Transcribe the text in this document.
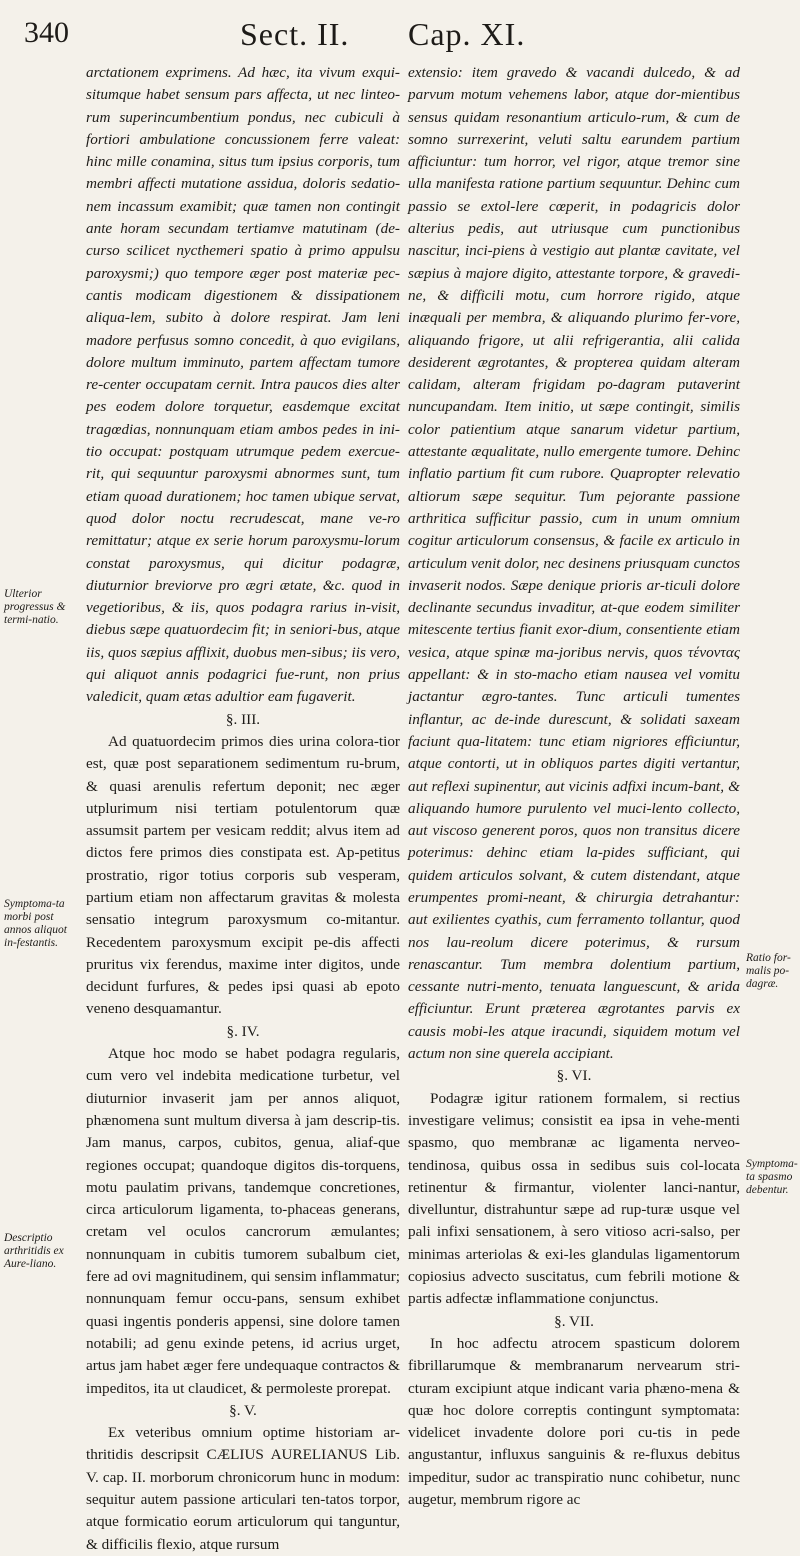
340	Sect. II. Cap. XI.

arctationem exprimens. Ad hæc, ita vivum exqui-situmque habet sensum pars affecta, ut nec linteo-rum superincumbentium pondus, nec cubiculi à fortiori ambulatione concussionem ferre valeat: hinc mille conamina, situs tum ipsius corporis, tum membri affecti mutatione assidua, doloris sedatio-nem incassum examibit; quæ tamen non contingit ante horam secundam tertiamve matutinam (de-curso scilicet nycthemeri spatio à primo appulsu paroxysmi;) quo tempore æger post materiæ pec-cantis modicam digestionem & dissipationem aliqua-lem, subito à dolore respirat. Jam leni madore perfusus somno concedit, à quo evigilans, dolore multum imminuto, partem affectam tumore re-center occupatam cernit. Intra paucos dies alter pes eodem dolore torquetur, easdemque excitat tragœdias, nonnunquam etiam ambos pedes in ini-tio occupat: postquam utrumque pedem exercue-rit, qui sequuntur paroxysmi abnormes sunt, tum etiam quoad durationem; hoc tamen ubique servat, quod dolor noctu recrudescat, mane ve-ro remittatur; atque ex serie horum paroxysmu-lorum constat paroxysmus, qui dicitur podagræ, diuturnior breviorve pro ægri ætate, &c. quod in vegetioribus, & iis, quos podagra rarius in-visit, diebus sæpe quatuordecim fit; in seniori-bus, atque iis, quos sæpius afflixit, duobus men-sibus; iis vero, qui aliquot annis podagrici fue-runt, non prius valedicit, quam ætas adultior eam fugaverit.

§. III.

Ad quatuordecim primos dies urina colora-tior est, quæ post separationem sedimentum ru-brum, & quasi arenulis refertum deponit; nec æger utplurimum nisi tertiam potulentorum quæ assumsit partem per vesicam reddit; alvus item ad dictos fere primos dies constipata est. Ap-petitus prostratio, rigor totius corporis sub vesperam, partium etiam non affectarum gravitas & molesta sensatio integrum paroxysmum co-mitantur. Recedentem paroxysmum excipit pe-dis affecti pruritus vix ferendus, maxime inter digitos, unde decidunt furfures, & pedes ipsi quasi ab epoto veneno desquamantur.

§. IV.

Atque hoc modo se habet podagra regularis, cum vero vel indebita medicatione turbetur, vel diuturnior invaserit jam per annos aliquot, phænomena sunt multum diversa à jam descrip-tis. Jam manus, carpos, cubitos, genua, aliaf-que regiones occupat; quandoque digitos dis-torquens, motu paulatim privans, tandemque concretiones, circa articulorum ligamenta, to-phaceas generans, cretam vel oculos cancrorum æmulantes; nonnunquam in cubitis tumorem subalbum ciet, fere ad ovi magnitudinem, qui sensim inflammatur; nonnunquam femur occu-pans, sensum exhibet quasi ingentis ponderis appensi, sine dolore tamen notabili; ad genu exinde petens, id acrius urget, artus jam habet æger fere undequaque contractos & impeditos, ita ut claudicet, & permoleste prorepat.

§. V.

Ex veteribus omnium optime historiam ar-thritidis descripsit CÆLIUS AURELIANUS Lib. V. cap. II. morborum chronicorum hunc in modum: sequitur autem passione articulari ten-tatos torpor, atque formicatio eorum articulorum qui tanguntur, & difficilis flexio, atque rursum

extensio: item gravedo & vacandi dulcedo, & ad parvum motum vehemens labor, atque dor-mientibus sensus quidam resonantium articulo-rum, & cum de somno surrexerint, veluti saltu earundem partium afficiuntur: tum horror, vel rigor, atque tremor sine ulla manifesta ratione partium sequuntur. Dehinc cum passio se extol-lere cœperit, in podagricis dolor alterius pedis, aut utriusque cum punctionibus nascitur, inci-piens à vestigio aut plantæ cavitate, vel sæpius à majore digito, attestante torpore, & gravedi-ne, & difficili motu, cum horrore rigido, atque inæquali per membra, & aliquando plurimo fer-vore, aliquando frigore, ut alii refrigerantia, alii calida desiderent ægrotantes, & propterea quidam alteram calidam, alteram frigidam po-dagram putaverint nuncupandam. Item initio, ut sæpe contingit, similis color patientium atque sanarum videtur partium, attestante æqualitate, nullo emergente tumore. Dehinc inflatio partium fit cum rubore. Quapropter relevatio altiorum sæpe sequitur. Tum pejorante passione arthritica sufficitur passio, cum in unum omnium cogitur articulorum consensus, & facile ex articulo in articulum venit dolor, nec desinens priusquam cunctos invaserit nodos. Sæpe denique prioris ar-ticuli dolore declinante secundus invaditur, at-que eodem similiter mitescente tertius fianit exor-dium, consentiente etiam vesica, atque spinæ ma-joribus nervis, quos τένοντας appellant: & in sto-macho etiam nausea vel vomitu jactantur ægro-tantes. Tunc articuli tumentes inflantur, ac de-inde durescunt, & solidati saxeam faciunt qua-litatem: tunc etiam nigriores efficiuntur, atque contorti, ut in obliquos partes digiti vertantur, aut reflexi supinentur, aut vicinis adfixi incum-bant, & aliquando humore purulento vel muci-lento collecto, aut viscoso generent poros, quos non transitus dicere poterimus: dehinc etiam la-pides sufficiant, qui quidem articulos solvant, & cutem distendant, atque erumpentes promi-neant, & chirurgia detrahantur: aut exilientes cyathis, cum ferramento tollantur, quod nos lau-reolum dicere poterimus, & rursum renascantur. Tum membra dolentium partium, cessante nutri-mento, tenuata languescunt, & arida efficiuntur. Erunt præterea ægrotantes parvis ex causis mobi-les atque iracundi, siquidem motum vel actum non sine querela accipiant.

§. VI.

Podagræ igitur rationem formalem, si rectius investigare velimus; consistit ea ipsa in vehe-menti spasmo, quo membranæ ac ligamenta nerveo-tendinosa, quibus ossa in sedibus suis col-locata retinentur & firmantur, violenter lanci-nantur, divelluntur, distrahuntur sæpe ad rup-turæ usque vel pali infixi sensationem, à sero vitioso acri-salso, per minimas arteriolas & exi-les glandulas ligamentorum copiosius advecto suscitatus, cum febrili motione & partis adfectæ inflammatione conjunctus.

§. VII.

In hoc adfectu atrocem spasticum dolorem fibrillarumque & membranarum nervearum stri-cturam excipiunt atque indicant varia phæno-mena & quæ hoc dolore correptis contingunt symptomata: videlicet invadente dolore pori cu-tis in pede angustantur, influxus sanguinis & re-fluxus debitus impeditur, sudor ac transpiratio nunc cohibetur, nunc augetur, membrum rigore ac

Ulterior progressus & termi-natio.
Symptoma-ta morbi post annos aliquot in-festantis.
Descriptio arthritidis ex Aure-liano.
Ratio for-malis po-dagræ.
Symptoma-ta spasmo debentur.
